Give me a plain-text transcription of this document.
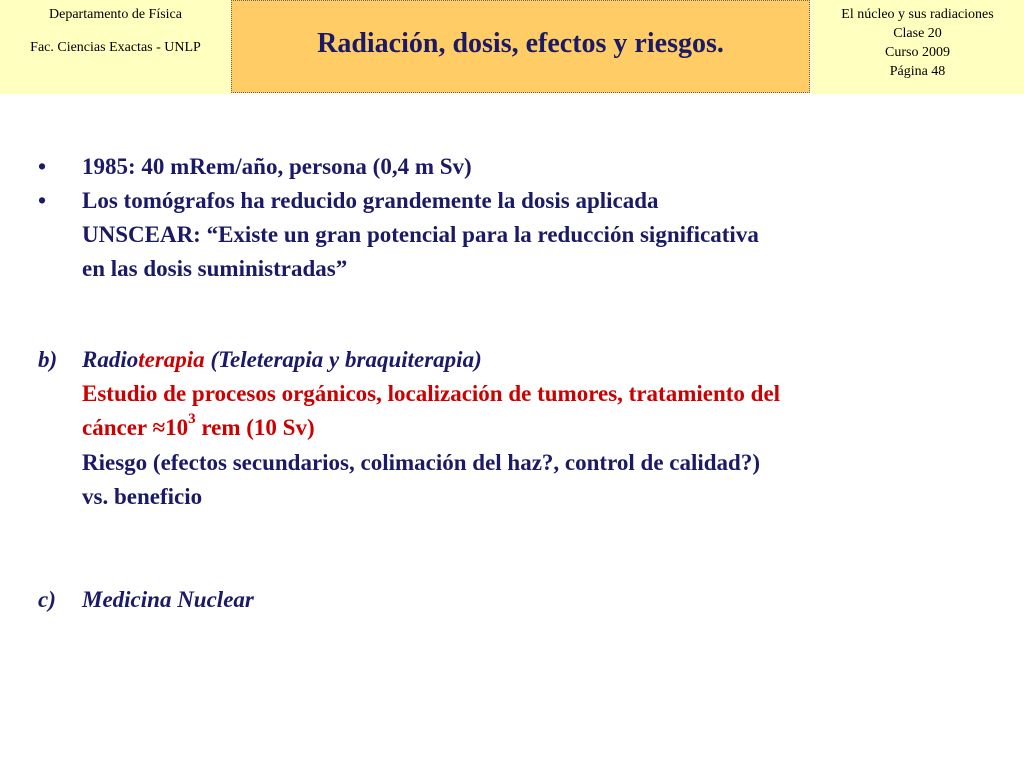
Departamento de Física
Fac. Ciencias Exactas - UNLP	Radiación, dosis, efectos y riesgos.
El núcleo y sus radiaciones
Clase 20
Curso 2009
Página 48
• 1985: 40 mRem/año, persona (0,4 m Sv)
• Los tomógrafos ha reducido grandemente la dosis aplicada
UNSCEAR: “Existe un gran potencial para la reducción significativa
en las dosis suministradas”
b) Radioterapia (Teleterapia y braquiterapia)
Estudio de procesos orgánicos, localización de tumores, tratamiento del
cáncer $\approx 10^3$ rem (10 Sv)
Riesgo (efectos secundarios, colimación del haz?, control de calidad?)
vs. beneficio
c) Medicina Nuclear
